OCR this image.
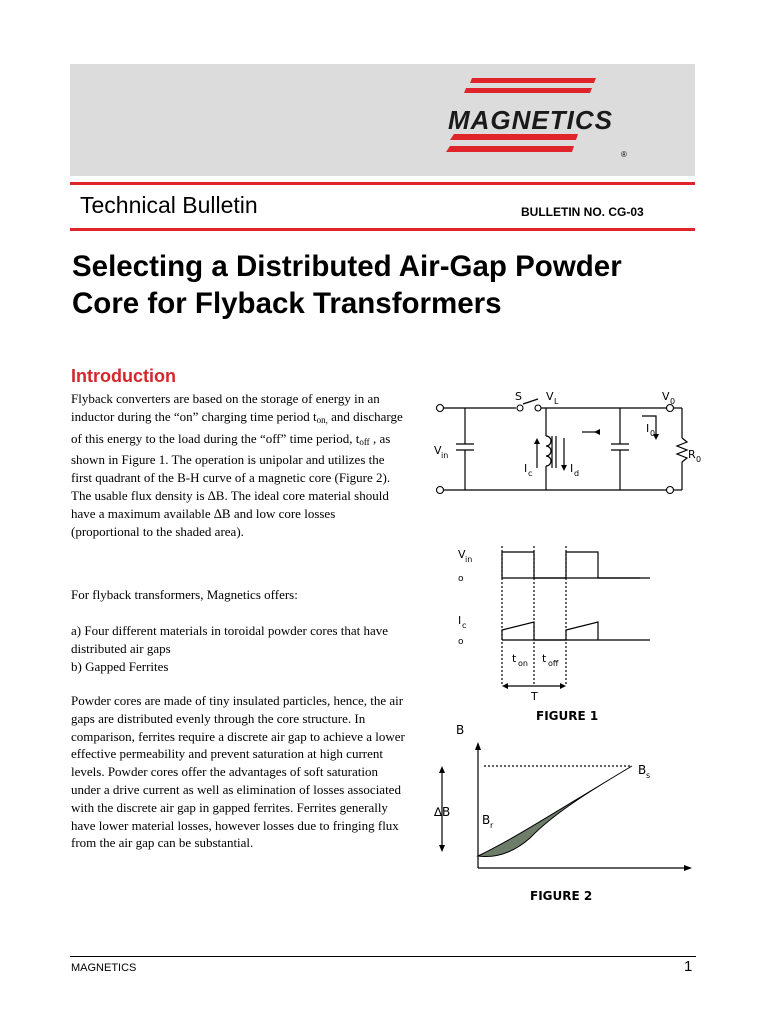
MAGNETICS
®
Technical Bulletin	BULLETIN NO. CG-03
Selecting a Distributed Air-Gap Powder
Core for Flyback Transformers
Introduction

Flyback converters are based on the storage of energy in an inductor during the “on” charging time period $t_{on,}$ and discharge of this energy to the load during the “off” time period, $t_{off}$ , as shown in Figure 1. The operation is unipolar and utilizes the first quadrant of the B-H curve of a magnetic core (Figure 2). The usable flux density is ∆B. The ideal core material should have a maximum available ∆B and low core losses (proportional to the shaded area).

For flyback transformers, Magnetics offers:

a) Four different materials in toroidal powder cores that have distributed air gaps

b) Gapped Ferrites

Powder cores are made of tiny insulated particles, hence, the air gaps are distributed evenly through the core structure. In comparison, ferrites require a discrete air gap to achieve a lower effective permeability and prevent saturation at high current levels. Powder cores offer the advantages of soft saturation under a drive current as well as elimination of losses associated with the discrete air gap in gapped ferrites. Ferrites generally have lower material losses, however losses due to fringing flux from the air gap can be substantial.
S V L	V 0
I 0
R 0
V in
I c	I d
V in
o
I c
o
t on t off
T
FIGURE 1
B
B s
B r
∆B
FIGURE 2
MAGNETICS	1
